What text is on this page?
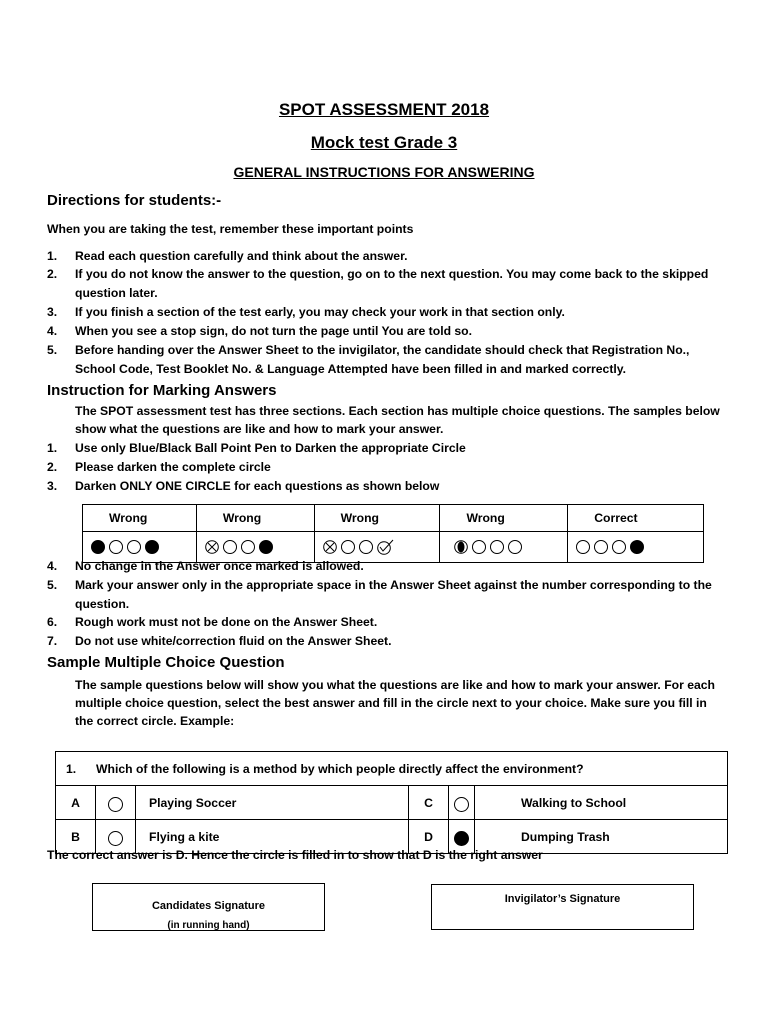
SPOT ASSESSMENT 2018
Mock test Grade 3
GENERAL INSTRUCTIONS FOR ANSWERING
Directions for students:-
When you are taking the test, remember these important points
1.	Read each question carefully and think about the answer.
2.	If you do not know the answer to the question, go on to the next question. You may come back to the skipped question later.
3.	If you finish a section of the test early, you may check your work in that section only.
4.	When you see a stop sign, do not turn the page until You are told so.
5.	Before handing over the Answer Sheet to the invigilator, the candidate should check that Registration No., School Code, Test Booklet No. & Language Attempted have been filled in and marked correctly.
Instruction for Marking Answers
The SPOT assessment test has three sections. Each section has multiple choice questions. The samples below show what the questions are like and how to mark your answer.
1.	Use only Blue/Black Ball Point Pen to Darken the appropriate Circle
2.	Please darken the complete circle
3.	Darken ONLY ONE CIRCLE for each questions as shown below
Wrong	Wrong	Wrong	Wrong	Correct

4.	No change in the Answer once marked is allowed.
5.	Mark your answer only in the appropriate space in the Answer Sheet against the number corresponding to the question.
6.	Rough work must not be done on the Answer Sheet.
7.	Do not use white/correction fluid on the Answer Sheet.
Sample Multiple Choice Question
The sample questions below will show you what the questions are like and how to mark your answer. For each multiple choice question, select the best answer and fill in the circle next to your choice. Make sure you fill in the correct circle. Example:
1. Which of the following is a method by which people directly affect the environment?					
A		Playing Soccer	C		Walking to School
B		Flying a kite	D		Dumping Trash
The correct answer is D. Hence the circle is filled in to show that D is the right answer
Candidates Signature
(in running hand)
Invigilator’s Signature
